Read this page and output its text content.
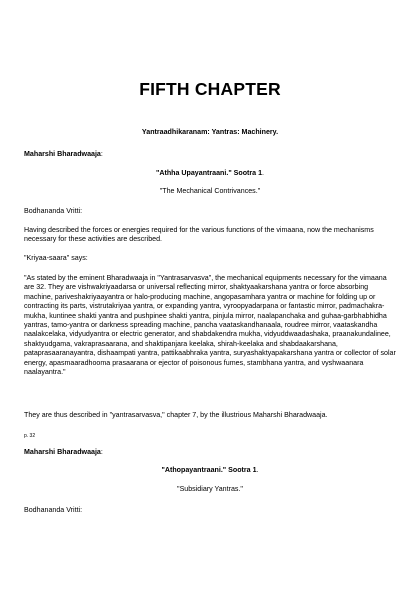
FIFTH CHAPTER

Yantraadhikaranam: Yantras: Machinery.

Maharshi Bharadwaaja:

"Athha Upayantraani." Sootra 1.

"The Mechanical Contrivances."

Bodhananda Vritti:

Having described the forces or energies required for the various functions of the vimaana, now the mechanisms necessary for these activities are described.

"Kriyaa-saara" says:

"As stated by the eminent Bharadwaaja in "Yantrasarvasva", the mechanical equipments necessary for the vimaana are 32. They are vishwakriyaadarsa or universal reflecting mirror, shaktyaakarshana yantra or force absorbing machine, pariveshakriyaayantra or halo-producing machine, angopasamhara yantra or machine for folding up or contracting its parts, vistrutakriyaa yantra, or expanding yantra, vyroopyadarpana or fantastic mirror, padmachakra-mukha, kuntinee shakti yantra and pushpinee shakti yantra, pinjula mirror, naalapanchaka and guhaa-garbhabhidha yantras, tamo-yantra or darkness spreading machine, pancha vaataskandhanaala, roudree mirror, vaataskandha naalakcelaka, vidyudyantra or electric generator, and shabdakendra mukha, vidyuddwaadashaka, praanakundalinee, shaktyudgama, vakraprasaarana, and shaktipanjara keelaka, shirah-keelaka and shabdaakarshana, pataprasaaranayantra, dishaampati yantra, pattikaabhraka yantra, suryashaktyapakarshana yantra or collector of solar energy, apasmaaradhooma prasaarana or ejector of poisonous fumes, stambhana yantra, and vyshwaanara naalayantra."

They are thus described in "yantrasarvasva," chapter 7, by the illustrious Maharshi Bharadwaaja.

p. 32

Maharshi Bharadwaaja:

"Athopayantraani." Sootra 1.

"Subsidiary Yantras."

Bodhananda Vritti:
